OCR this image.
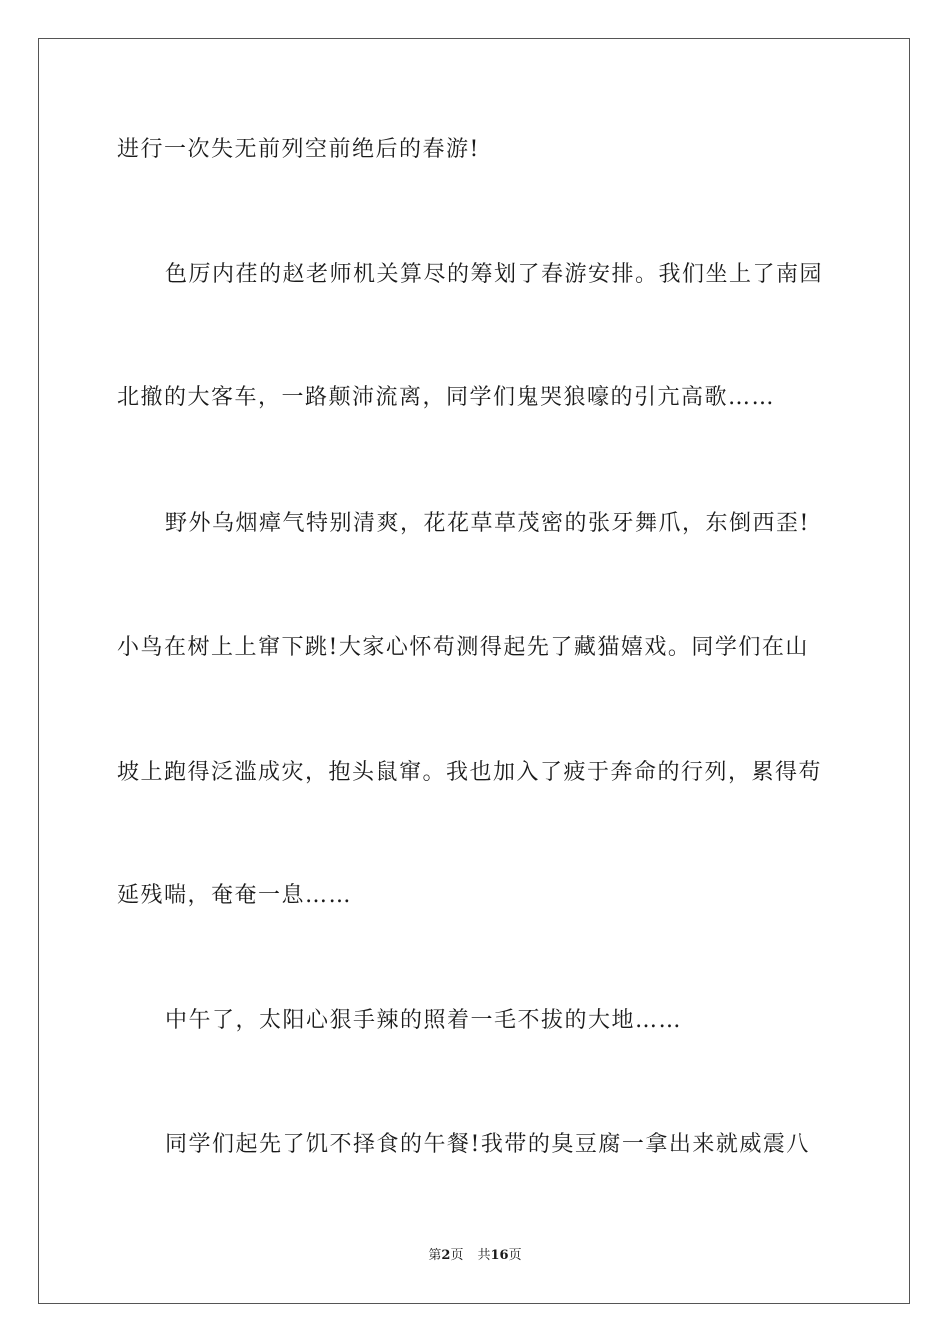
进行一次失无前列空前绝后的春游!
色厉内荏的赵老师机关算尽的筹划了春游安排。我们坐上了南园
北撤的大客车，一路颠沛流离，同学们鬼哭狼嚎的引亢高歌……
野外乌烟瘴气特别清爽，花花草草茂密的张牙舞爪，东倒西歪!
小鸟在树上上窜下跳!大家心怀苟测得起先了藏猫嬉戏。同学们在山
坡上跑得泛滥成灾，抱头鼠窜。我也加入了疲于奔命的行列，累得苟
延残喘，奄奄一息……
中午了，太阳心狠手辣的照着一毛不拔的大地……
同学们起先了饥不择食的午餐!我带的臭豆腐一拿出来就威震八
第2页 共16页
